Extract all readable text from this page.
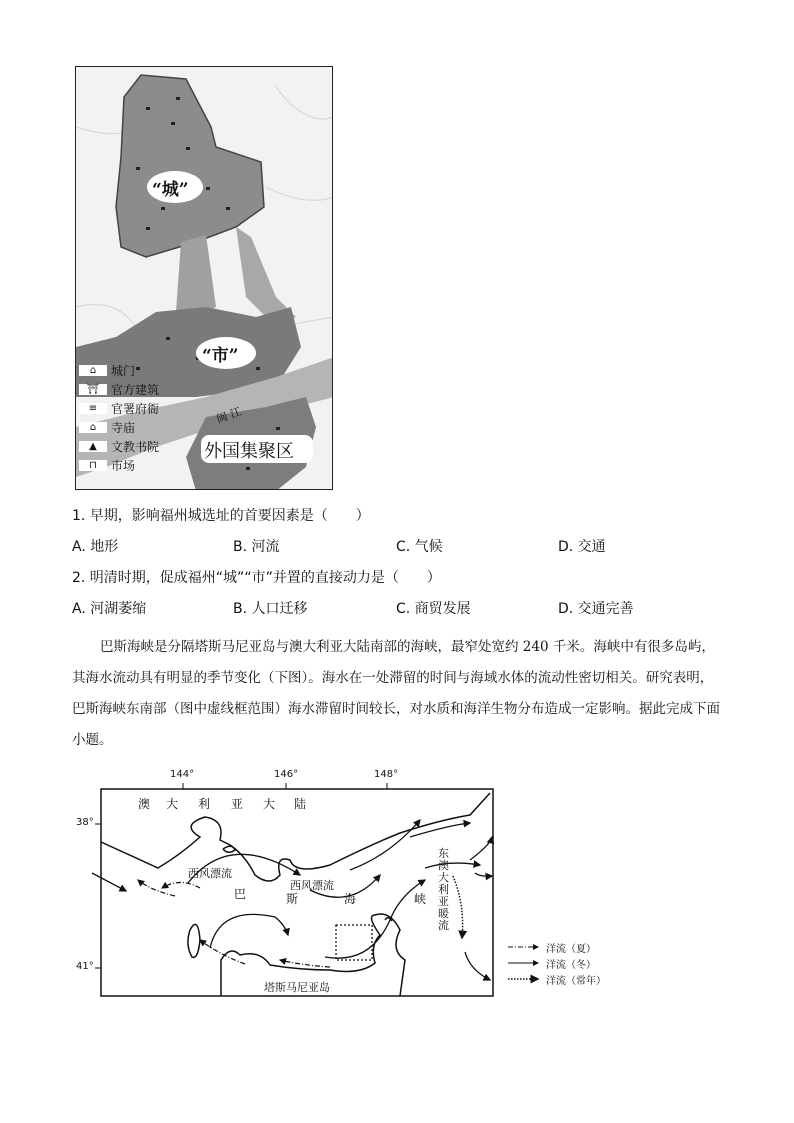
“城”
“市”
闽 江
外国集聚区
⌂	城门
⛩ 官方建筑
≡	官署府衙
⌂	寺庙
▲	文教书院
⊓	市场
1. 早期，影响福州城选址的首要因素是（　　）
A. 地形	B. 河流	C. 气候	D. 交通
2. 明清时期，促成福州“城”“市”并置的直接动力是（　　）
A. 河湖萎缩	B. 人口迁移	C. 商贸发展	D. 交通完善
巴斯海峡是分隔塔斯马尼亚岛与澳大利亚大陆南部的海峡，最窄处宽约 240 千米。海峡中有很多岛屿，其海水流动具有明显的季节变化（下图）。海水在一处滞留的时间与海域水体的流动性密切相关。研究表明，巴斯海峡东南部（图中虚线框范围）海水滞留时间较长，对水质和海洋生物分布造成一定影响。据此完成下面小题。
144°	146°	148°
38°
41°
澳 大 利 亚 大 陆
巴	斯	海	峡
西风漂流
西风漂流
东澳大利亚暖流
塔斯马尼亚岛
洋流（夏）
洋流（冬）
洋流（常年）
